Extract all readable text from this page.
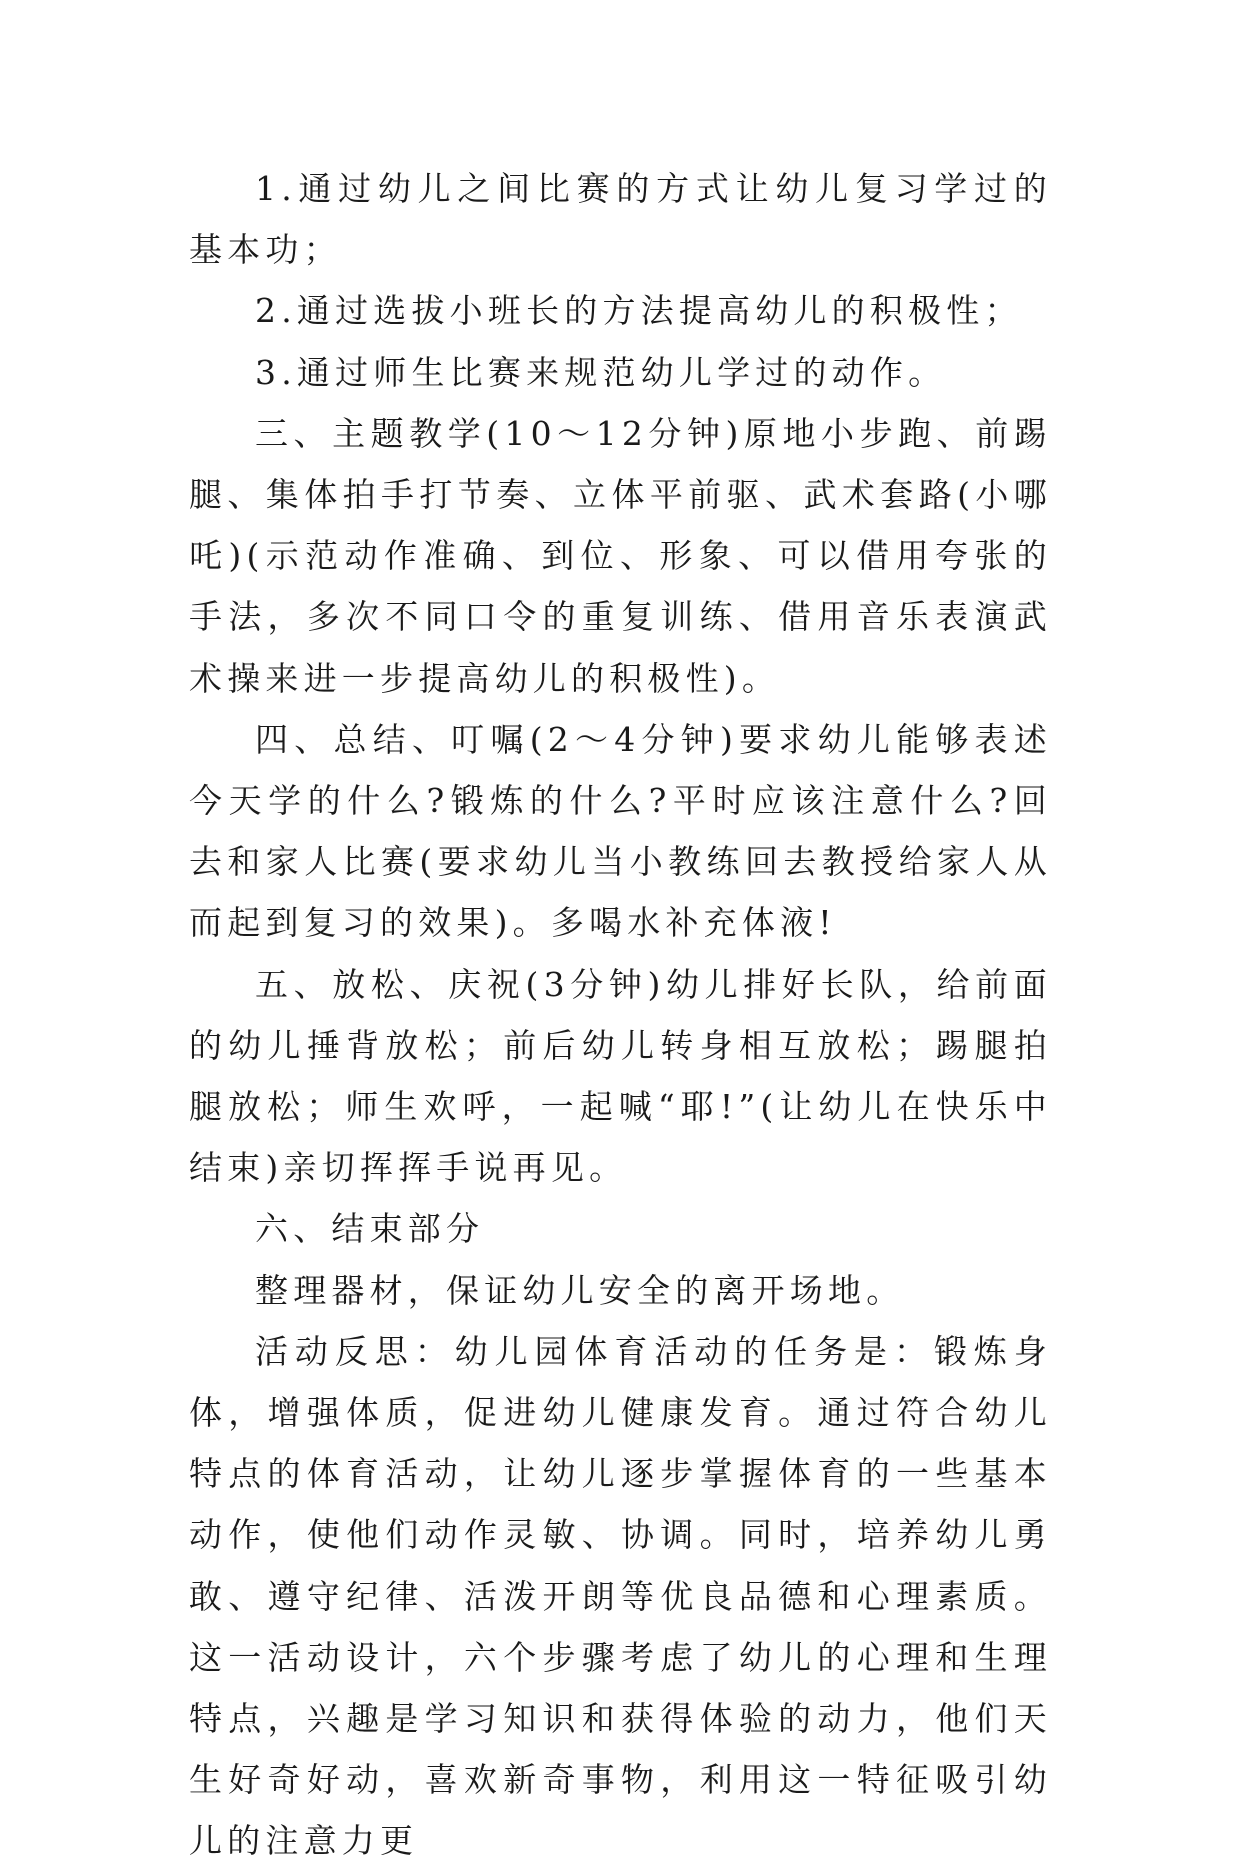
1.通过幼儿之间比赛的方式让幼儿复习学过的基本功；

2.通过选拔小班长的方法提高幼儿的积极性；

3.通过师生比赛来规范幼儿学过的动作。

三、主题教学(10～12分钟)原地小步跑、前踢腿、集体拍手打节奏、立体平前驱、武术套路(小哪吒)(示范动作准确、到位、形象、可以借用夸张的手法，多次不同口令的重复训练、借用音乐表演武术操来进一步提高幼儿的积极性)。

四、总结、叮嘱(2～4分钟)要求幼儿能够表述今天学的什么?锻炼的什么?平时应该注意什么?回去和家人比赛(要求幼儿当小教练回去教授给家人从而起到复习的效果)。多喝水补充体液!

五、放松、庆祝(3分钟)幼儿排好长队，给前面的幼儿捶背放松；前后幼儿转身相互放松；踢腿拍腿放松；师生欢呼，一起喊“耶!”(让幼儿在快乐中结束)亲切挥挥手说再见。

六、结束部分

整理器材，保证幼儿安全的离开场地。

活动反思：幼儿园体育活动的任务是：锻炼身体，增强体质，促进幼儿健康发育。通过符合幼儿特点的体育活动，让幼儿逐步掌握体育的一些基本动作，使他们动作灵敏、协调。同时，培养幼儿勇敢、遵守纪律、活泼开朗等优良品德和心理素质。这一活动设计，六个步骤考虑了幼儿的心理和生理特点，兴趣是学习知识和获得体验的动力，他们天生好奇好动，喜欢新奇事物，利用这一特征吸引幼儿的注意力更
